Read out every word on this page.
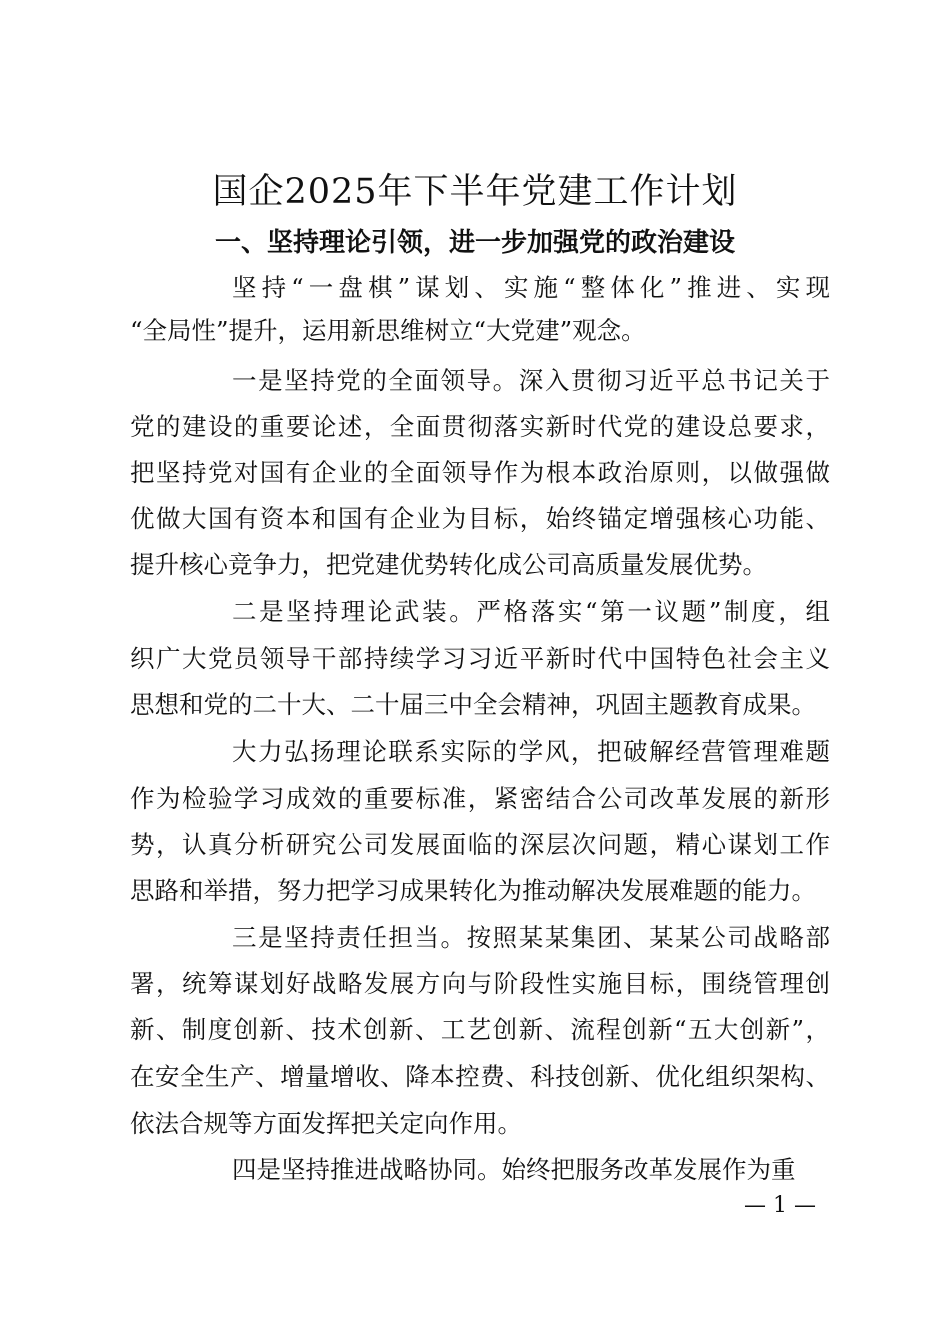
国企2025年下半年党建工作计划
一、坚持理论引领，进一步加强党的政治建设
坚持“一盘棋”谋划、实施“整体化”推进、实现
“全局性”提升，运用新思维树立“大党建”观念。
一是坚持党的全面领导。深入贯彻习近平总书记关于
党的建设的重要论述，全面贯彻落实新时代党的建设总要求，
把坚持党对国有企业的全面领导作为根本政治原则，以做强做
优做大国有资本和国有企业为目标，始终锚定增强核心功能、
提升核心竞争力，把党建优势转化成公司高质量发展优势。
二是坚持理论武装。严格落实“第一议题”制度，组
织广大党员领导干部持续学习习近平新时代中国特色社会主义
思想和党的二十大、二十届三中全会精神，巩固主题教育成果。
大力弘扬理论联系实际的学风，把破解经营管理难题
作为检验学习成效的重要标准，紧密结合公司改革发展的新形
势，认真分析研究公司发展面临的深层次问题，精心谋划工作
思路和举措，努力把学习成果转化为推动解决发展难题的能力。
三是坚持责任担当。按照某某集团、某某公司战略部
署，统筹谋划好战略发展方向与阶段性实施目标，围绕管理创
新、制度创新、技术创新、工艺创新、流程创新“五大创新”，
在安全生产、增量增收、降本控费、科技创新、优化组织架构、
依法合规等方面发挥把关定向作用。
四是坚持推进战略协同。始终把服务改革发展作为重
— 1 —
